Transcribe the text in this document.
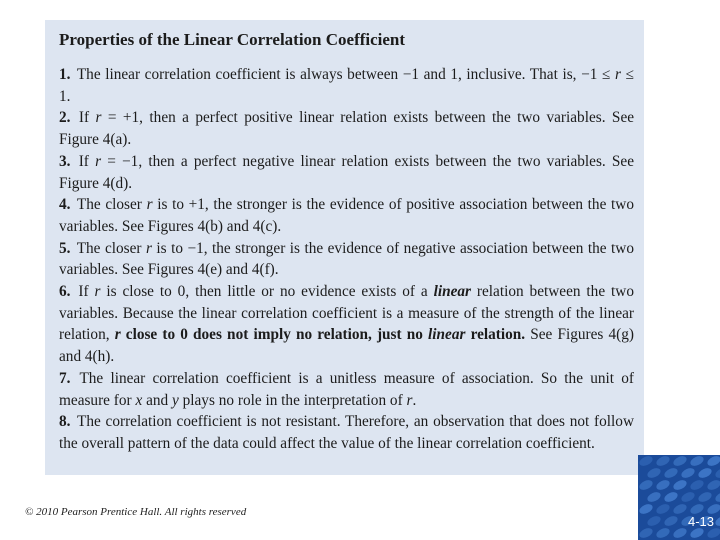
Properties of the Linear Correlation Coefficient
1. The linear correlation coefficient is always between −1 and 1, inclusive. That is, −1 ≤ r ≤ 1.
2. If r = +1, then a perfect positive linear relation exists between the two variables. See Figure 4(a).
3. If r = −1, then a perfect negative linear relation exists between the two variables. See Figure 4(d).
4. The closer r is to +1, the stronger is the evidence of positive association between the two variables. See Figures 4(b) and 4(c).
5. The closer r is to −1, the stronger is the evidence of negative association between the two variables. See Figures 4(e) and 4(f).
6. If r is close to 0, then little or no evidence exists of a linear relation between the two variables. Because the linear correlation coefficient is a measure of the strength of the linear relation, r close to 0 does not imply no relation, just no linear relation. See Figures 4(g) and 4(h).
7. The linear correlation coefficient is a unitless measure of association. So the unit of measure for x and y plays no role in the interpretation of r.
8. The correlation coefficient is not resistant. Therefore, an observation that does not follow the overall pattern of the data could affect the value of the linear correlation coefficient.
© 2010 Pearson Prentice Hall. All rights reserved
4-13
